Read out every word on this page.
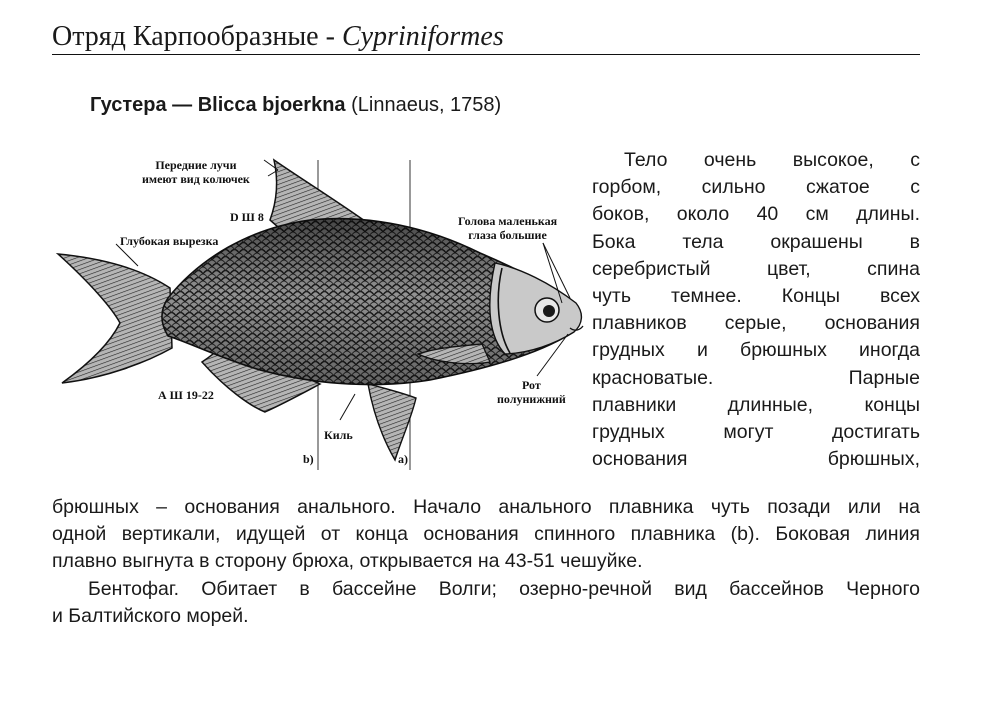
Отряд Карпообразные - Cypriniformes
Густера — Blicca bjoerkna (Linnaeus, 1758)
Передние лучи
имеют вид колючек
D Ш 8
Глубокая вырезка
Голова маленькая
глаза большие
А Ш 19-22
Рот
полунижний
Киль
b)	a)
Тело очень высокое, с
горбом, сильно сжатое с
боков, около 40 см длины.
Бока тела окрашены в
серебристый цвет, спина
чуть темнее. Концы всех
плавников серые, основания
грудных и брюшных иногда
красноватые. Парные
плавники длинные, концы
грудных могут достигать
основания брюшных,
брюшных – основания анального. Начало анального плавника чуть позади или на
одной вертикали, идущей от конца основания спинного плавника (b). Боковая линия
плавно выгнута в сторону брюха, открывается на 43-51 чешуйке.
Бентофаг. Обитает в бассейне Волги; озерно-речной вид бассейнов Черного
и Балтийского морей.
